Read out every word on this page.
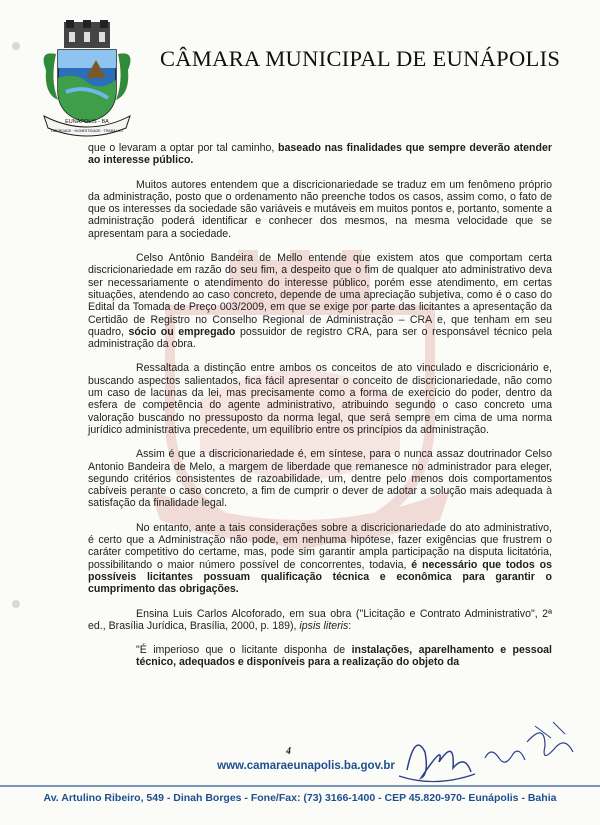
EUNÁPOLIS - BA
LIBERDADE · HONESTIDADE · TRABALHO
CÂMARA MUNICIPAL DE EUNÁPOLIS

que o levaram a optar por tal caminho, baseado nas finalidades que sempre deverão atender ao interesse público.

Muitos autores entendem que a discricionariedade se traduz em um fenômeno próprio da administração, posto que o ordenamento não preenche todos os casos, assim como, o fato de que os interesses da sociedade são variáveis e mutáveis em muitos pontos e, portanto, somente a administração poderá identificar e conhecer dos mesmos, na mesma velocidade que se apresentam para a sociedade.

Celso Antônio Bandeira de Mello entende que existem atos que comportam certa discricionariedade em razão do seu fim, a despeito que o fim de qualquer ato administrativo deva ser necessariamente o atendimento do interesse público, porém esse atendimento, em certas situações, atendendo ao caso concreto, depende de uma apreciação subjetiva, como é o caso do Edital da Tomada de Preço 003/2009, em que se exige por parte das licitantes a apresentação da Certidão de Registro no Conselho Regional de Administração – CRA e, que tenham em seu quadro, sócio ou empregado possuidor de registro CRA, para ser o responsável técnico pela administração da obra.

Ressaltada a distinção entre ambos os conceitos de ato vinculado e discricionário e, buscando aspectos salientados, fica fácil apresentar o conceito de discricionariedade, não como um caso de lacunas da lei, mas precisamente como a forma de exercício do poder, dentro da esfera de competência do agente administrativo, atribuindo segundo o caso concreto uma valoração buscando no pressuposto da norma legal, que será sempre em cima de uma norma jurídico administrativa precedente, um equilíbrio entre os princípios da administração.

Assim é que a discricionariedade é, em síntese, para o nunca assaz doutrinador Celso Antonio Bandeira de Melo, a margem de liberdade que remanesce no administrador para eleger, segundo critérios consistentes de razoabilidade, um, dentre pelo menos dois comportamentos cabíveis perante o caso concreto, a fim de cumprir o dever de adotar a solução mais adequada à satisfação da finalidade legal.

No entanto, ante a tais considerações sobre a discricionariedade do ato administrativo, é certo que a Administração não pode, em nenhuma hipótese, fazer exigências que frustrem o caráter competitivo do certame, mas, pode sim garantir ampla participação na disputa licitatória, possibilitando o maior número possível de concorrentes, todavia, é necessário que todos os possíveis licitantes possuam qualificação técnica e econômica para garantir o cumprimento das obrigações.

Ensina Luis Carlos Alcoforado, em sua obra ("Licitação e Contrato Administrativo", 2ª ed., Brasília Jurídica, Brasília, 2000, p. 189), ipsis literis:

"É imperioso que o licitante disponha de instalações, aparelhamento e pessoal técnico, adequados e disponíveis para a realização do objeto da

4
www.camaraeunapolis.ba.gov.br
Av. Artulino Ribeiro, 549 - Dinah Borges - Fone/Fax: (73) 3166-1400 - CEP 45.820-970- Eunápolis - Bahia
